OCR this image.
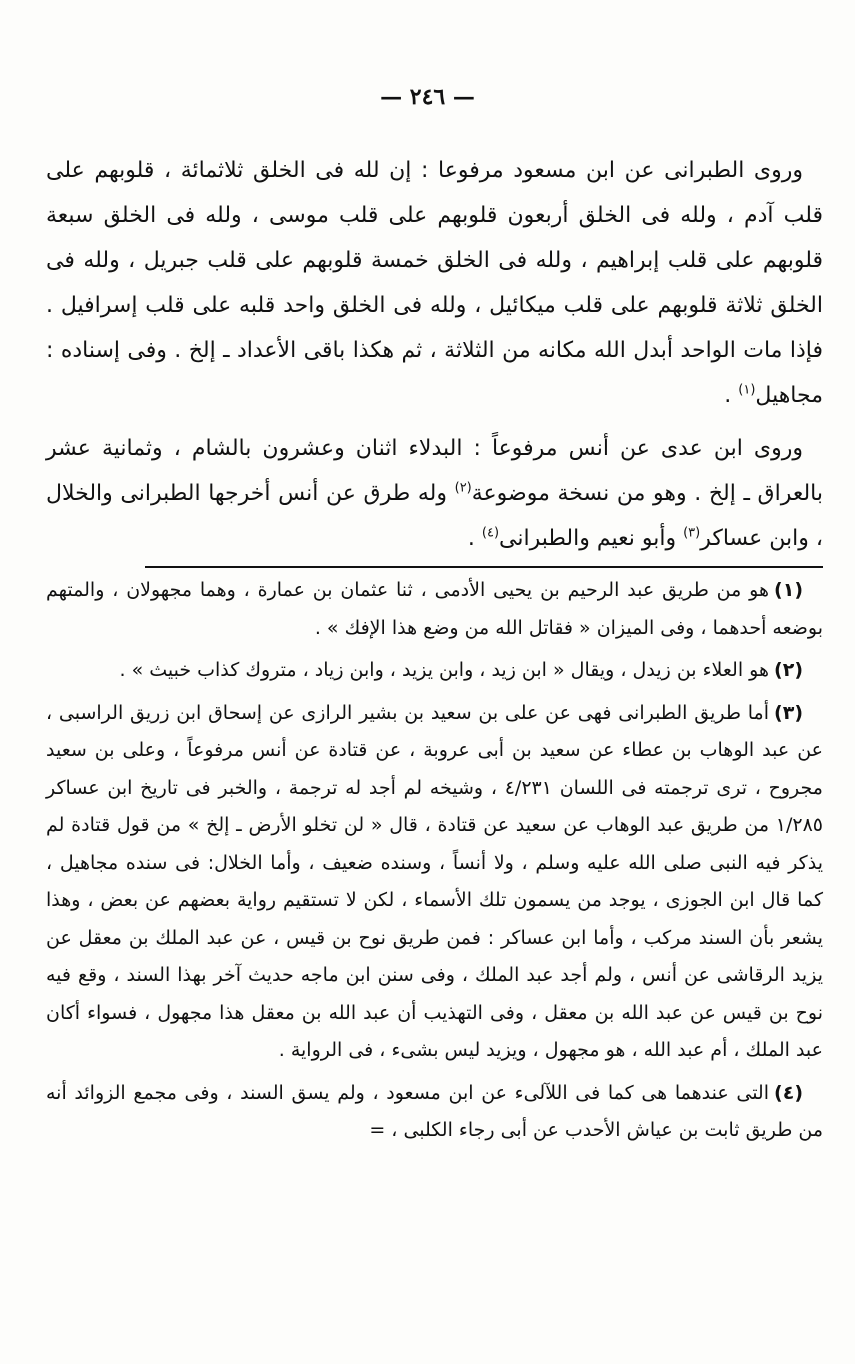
— ٢٤٦ —

وروى الطبرانى عن ابن مسعود مرفوعا : إن لله فى الخلق ثلاثمائة ، قلوبهم على قلب آدم ، ولله فى الخلق أربعون قلوبهم على قلب موسى ، ولله فى الخلق سبعة قلوبهم على قلب إبراهيم ، ولله فى الخلق خمسة قلوبهم على قلب جبريل ، ولله فى الخلق ثلاثة قلوبهم على قلب ميكائيل ، ولله فى الخلق واحد قلبه على قلب إسرافيل . فإذا مات الواحد أبدل الله مكانه من الثلاثة ، ثم هكذا باقى الأعداد ـ إلخ . وفى إسناده : مجاهيل$^{(١)}$ .

وروى ابن عدى عن أنس مرفوعاً : البدلاء اثنان وعشرون بالشام ، وثمانية عشر بالعراق ـ إلخ . وهو من نسخة موضوعة$^{(٢)}$ وله طرق عن أنس أخرجها الطبرانى والخلال ، وابن عساكر$^{(٣)}$ وأبو نعيم والطبرانى$^{(٤)}$ .

(١)هو من طريق عبد الرحيم بن يحيى الأدمى ، ثنا عثمان بن عمارة ، وهما مجهولان ، والمتهم بوضعه أحدهما ، وفى الميزان « فقاتل الله من وضع هذا الإفك » .

(٢)هو العلاء بن زيدل ، ويقال « ابن زيد ، وابن يزيد ، وابن زياد ، متروك كذاب خبيث » .

(٣)أما طريق الطبرانى فهى عن على بن سعيد بن بشير الرازى عن إسحاق ابن زريق الراسبى ، عن عبد الوهاب بن عطاء عن سعيد بن أبى عروبة ، عن قتادة عن أنس مرفوعاً ، وعلى بن سعيد مجروح ، ترى ترجمته فى اللسان ٤/٢٣١ ، وشيخه لم أجد له ترجمة ، والخبر فى تاريخ ابن عساكر ١/٢٨٥ من طريق عبد الوهاب عن سعيد عن قتادة ، قال « لن تخلو الأرض ـ إلخ » من قول قتادة لم يذكر فيه النبى صلى الله عليه وسلم ، ولا أنساً ، وسنده ضعيف ، وأما الخلال: فى سنده مجاهيل ، كما قال ابن الجوزى ، يوجد من يسمون تلك الأسماء ، لكن لا تستقيم رواية بعضهم عن بعض ، وهذا يشعر بأن السند مركب ، وأما ابن عساكر : فمن طريق نوح بن قيس ، عن عبد الملك بن معقل عن يزيد الرقاشى عن أنس ، ولم أجد عبد الملك ، وفى سنن ابن ماجه حديث آخر بهذا السند ، وقع فيه نوح بن قيس عن عبد الله بن معقل ، وفى التهذيب أن عبد الله بن معقل هذا مجهول ، فسواء أكان عبد الملك ، أم عبد الله ، هو مجهول ، ويزيد ليس بشىء ، فى الرواية .

(٤)التى عندهما هى كما فى اللآلىء عن ابن مسعود ، ولم يسق السند ، وفى مجمع الزوائد أنه من طريق ثابت بن عياش الأحدب عن أبى رجاء الكلبى ، =
